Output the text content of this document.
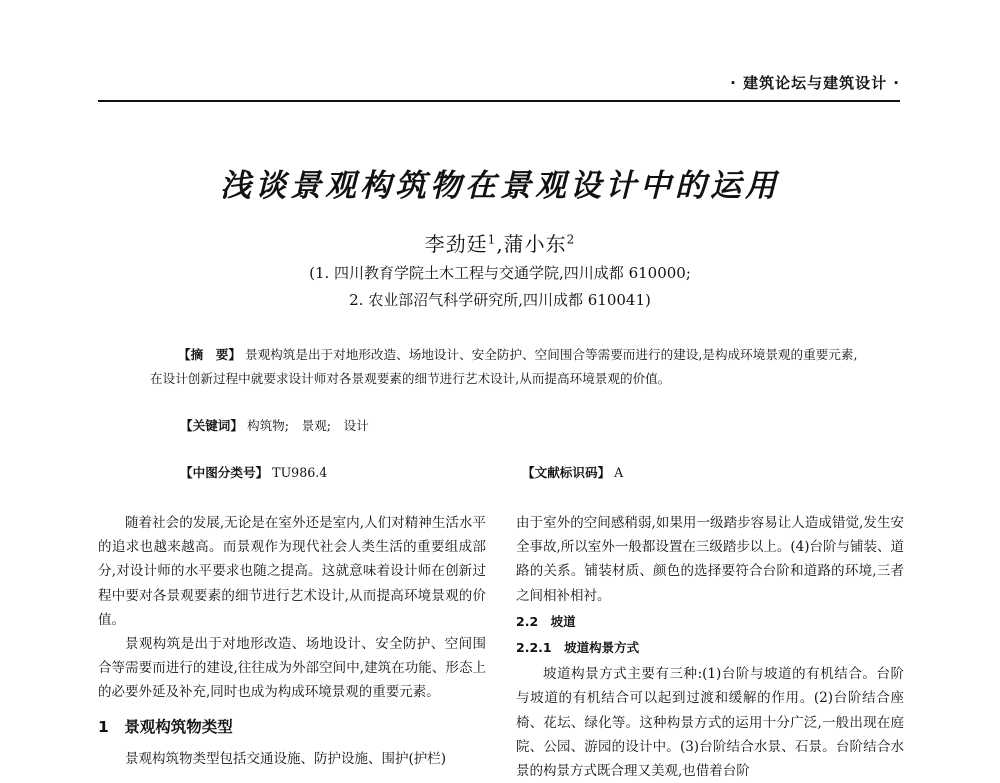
· 建筑论坛与建筑设计 ·
浅谈景观构筑物在景观设计中的运用
李劲廷$^1$,蒲小东$^2$
(1. 四川教育学院土木工程与交通学院,四川成都 610000;
2. 农业部沼气科学研究所,四川成都 610041)
【摘　要】 景观构筑是出于对地形改造、场地设计、安全防护、空间围合等需要而进行的建设,是构成环境景观的重要元素,在设计创新过程中就要求设计师对各景观要素的细节进行艺术设计,从而提高环境景观的价值。
【关键词】 构筑物;　景观;　设计
【中图分类号】 TU986.4	【文献标识码】 A

随着社会的发展,无论是在室外还是室内,人们对精神生活水平的追求也越来越高。而景观作为现代社会人类生活的重要组成部分,对设计师的水平要求也随之提高。这就意味着设计师在创新过程中要对各景观要素的细节进行艺术设计,从而提高环境景观的价值。

景观构筑是出于对地形改造、场地设计、安全防护、空间围合等需要而进行的建设,往往成为外部空间中,建筑在功能、形态上的必要外延及补充,同时也成为构成环境景观的重要元素。

1　景观构筑物类型

景观构筑物类型包括交通设施、防护设施、围护(护栏)

由于室外的空间感稍弱,如果用一级踏步容易让人造成错觉,发生安全事故,所以室外一般都设置在三级踏步以上。(4)台阶与铺装、道路的关系。铺装材质、颜色的选择要符合台阶和道路的环境,三者之间相补相衬。

2.2　坡道
2.2.1　坡道构景方式

坡道构景方式主要有三种:(1)台阶与坡道的有机结合。台阶与坡道的有机结合可以起到过渡和缓解的作用。(2)台阶结合座椅、花坛、绿化等。这种构景方式的运用十分广泛,一般出现在庭院、公园、游园的设计中。(3)台阶结合水景、石景。台阶结合水景的构景方式既合理又美观,也借着台阶
